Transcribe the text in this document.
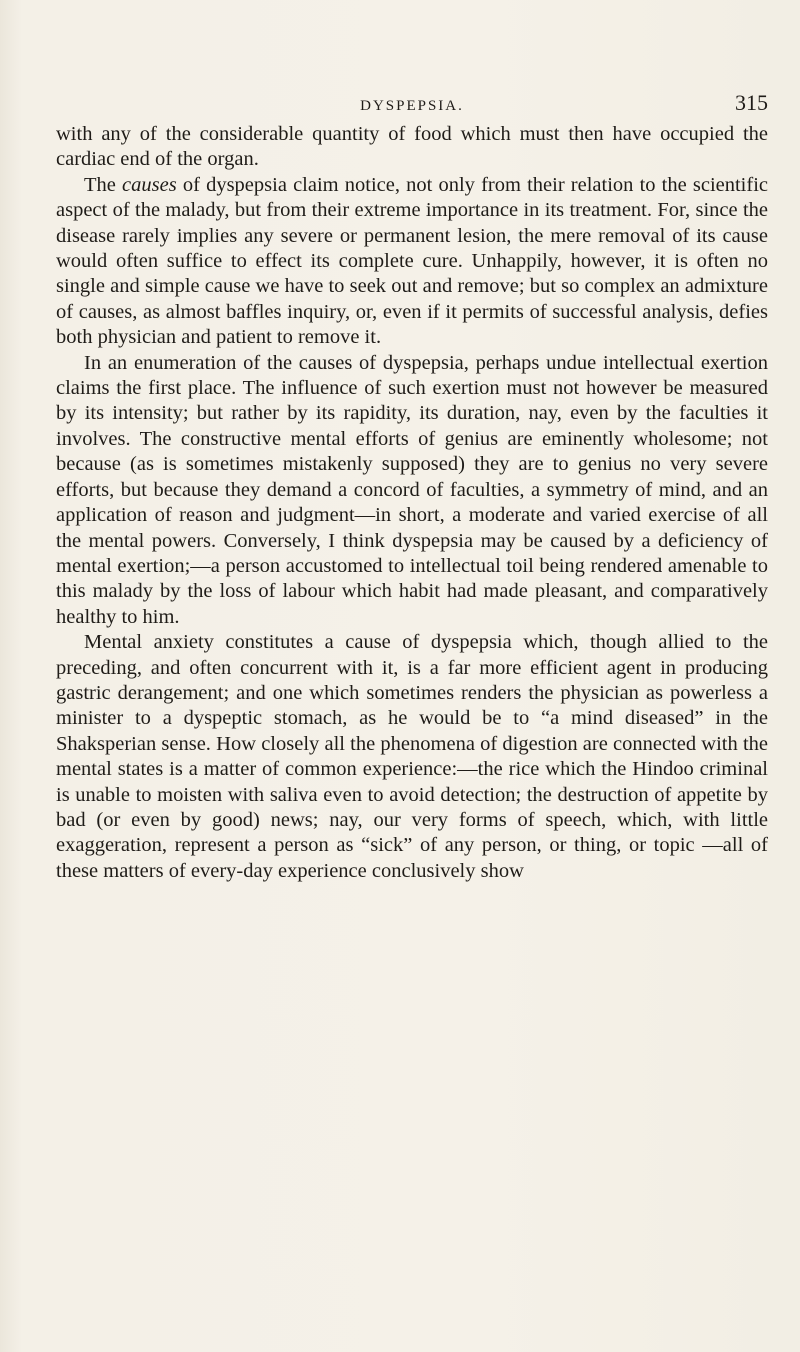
DYSPEPSIA.	315

with any of the considerable quantity of food which must then have occupied the cardiac end of the organ.

The causes of dyspepsia claim notice, not only from their relation to the scientific aspect of the malady, but from their extreme importance in its treatment. For, since the disease rarely implies any severe or permanent lesion, the mere removal of its cause would often suffice to effect its complete cure. Unhappily, however, it is often no single and simple cause we have to seek out and remove; but so complex an admixture of causes, as almost baffles inquiry, or, even if it permits of successful analysis, defies both physician and patient to remove it.

In an enumeration of the causes of dyspepsia, perhaps undue intellectual exertion claims the first place. The influence of such exertion must not however be measured by its intensity; but rather by its rapidity, its duration, nay, even by the faculties it involves. The constructive mental efforts of genius are eminently wholesome; not because (as is sometimes mistakenly supposed) they are to genius no very severe efforts, but because they demand a concord of faculties, a symmetry of mind, and an application of reason and judgment—in short, a moderate and varied exercise of all the mental powers. Conversely, I think dyspepsia may be caused by a deficiency of mental exertion;—a person accustomed to intellectual toil being rendered amenable to this malady by the loss of labour which habit had made pleasant, and comparatively healthy to him.

Mental anxiety constitutes a cause of dyspepsia which, though allied to the preceding, and often concurrent with it, is a far more efficient agent in producing gastric derangement; and one which sometimes renders the physician as powerless a minister to a dyspeptic stomach, as he would be to “a mind diseased” in the Shaksperian sense. How closely all the phenomena of digestion are connected with the mental states is a matter of common experience:—the rice which the Hindoo criminal is unable to moisten with saliva even to avoid detection; the destruction of appetite by bad (or even by good) news; nay, our very forms of speech, which, with little exaggeration, represent a person as “sick” of any person, or thing, or topic —all of these matters of every-day experience conclusively show
